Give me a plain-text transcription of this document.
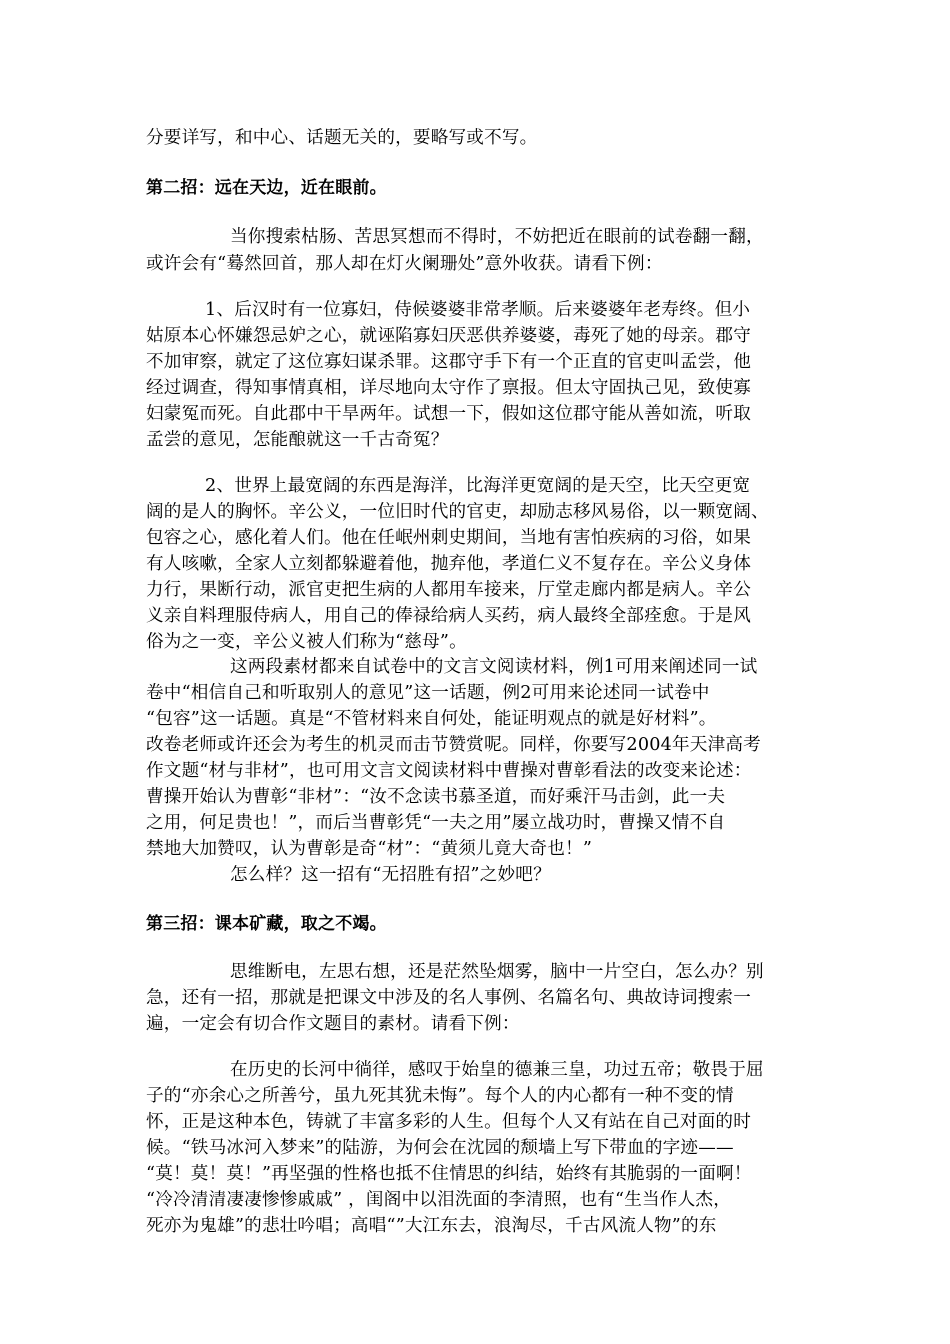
分要详写，和中心、话题无关的，要略写或不写。
第二招：远在天边，近在眼前。
当你搜索枯肠、苦思冥想而不得时，不妨把近在眼前的试卷翻一翻，
或许会有“蓦然回首，那人却在灯火阑珊处”意外收获。请看下例：
1、后汉时有一位寡妇，侍候婆婆非常孝顺。后来婆婆年老寿终。但小
姑原本心怀嫌怨忌妒之心，就诬陷寡妇厌恶供养婆婆，毒死了她的母亲。郡守
不加审察，就定了这位寡妇谋杀罪。这郡守手下有一个正直的官吏叫孟尝，他
经过调查，得知事情真相，详尽地向太守作了禀报。但太守固执己见，致使寡
妇蒙冤而死。自此郡中干旱两年。试想一下，假如这位郡守能从善如流，听取
孟尝的意见，怎能酿就这一千古奇冤？
2、世界上最宽阔的东西是海洋，比海洋更宽阔的是天空，比天空更宽
阔的是人的胸怀。辛公义，一位旧时代的官吏，却励志移风易俗，以一颗宽阔、
包容之心，感化着人们。他在任岷州刺史期间，当地有害怕疾病的习俗，如果
有人咳嗽，全家人立刻都躲避着他，抛弃他，孝道仁义不复存在。辛公义身体
力行，果断行动，派官吏把生病的人都用车接来，厅堂走廊内都是病人。辛公
义亲自料理服侍病人，用自己的俸禄给病人买药，病人最终全部痊愈。于是风
俗为之一变，辛公义被人们称为“慈母”。
这两段素材都来自试卷中的文言文阅读材料，例1可用来阐述同一试
卷中“相信自己和听取别人的意见”这一话题，例2可用来论述同一试卷中
“包容”这一话题。真是“不管材料来自何处，能证明观点的就是好材料”。
改卷老师或许还会为考生的机灵而击节赞赏呢。同样，你要写2004年天津高考
作文题“材与非材”，也可用文言文阅读材料中曹操对曹彰看法的改变来论述：
曹操开始认为曹彰“非材”：“汝不念读书慕圣道，而好乘汗马击剑，此一夫
之用，何足贵也！”，而后当曹彰凭“一夫之用”屡立战功时，曹操又情不自
禁地大加赞叹，认为曹彰是奇“材”：“黄须儿竟大奇也！”
怎么样？这一招有“无招胜有招”之妙吧？
第三招：课本矿藏，取之不竭。
思维断电，左思右想，还是茫然坠烟雾，脑中一片空白，怎么办？别
急，还有一招，那就是把课文中涉及的名人事例、名篇名句、典故诗词搜索一
遍，一定会有切合作文题目的素材。请看下例：
在历史的长河中徜徉，感叹于始皇的德兼三皇，功过五帝；敬畏于屈
子的“亦余心之所善兮，虽九死其犹未悔”。每个人的内心都有一种不变的情
怀，正是这种本色，铸就了丰富多彩的人生。但每个人又有站在自己对面的时
候。“铁马冰河入梦来”的陆游，为何会在沈园的颓墙上写下带血的字迹——
“莫！莫！莫！”再坚强的性格也抵不住情思的纠结，始终有其脆弱的一面啊！
“冷冷清清凄凄惨惨戚戚” ，闺阁中以泪洗面的李清照，也有“生当作人杰，
死亦为鬼雄”的悲壮吟唱；高唱“”大江东去，浪淘尽，千古风流人物”的东
